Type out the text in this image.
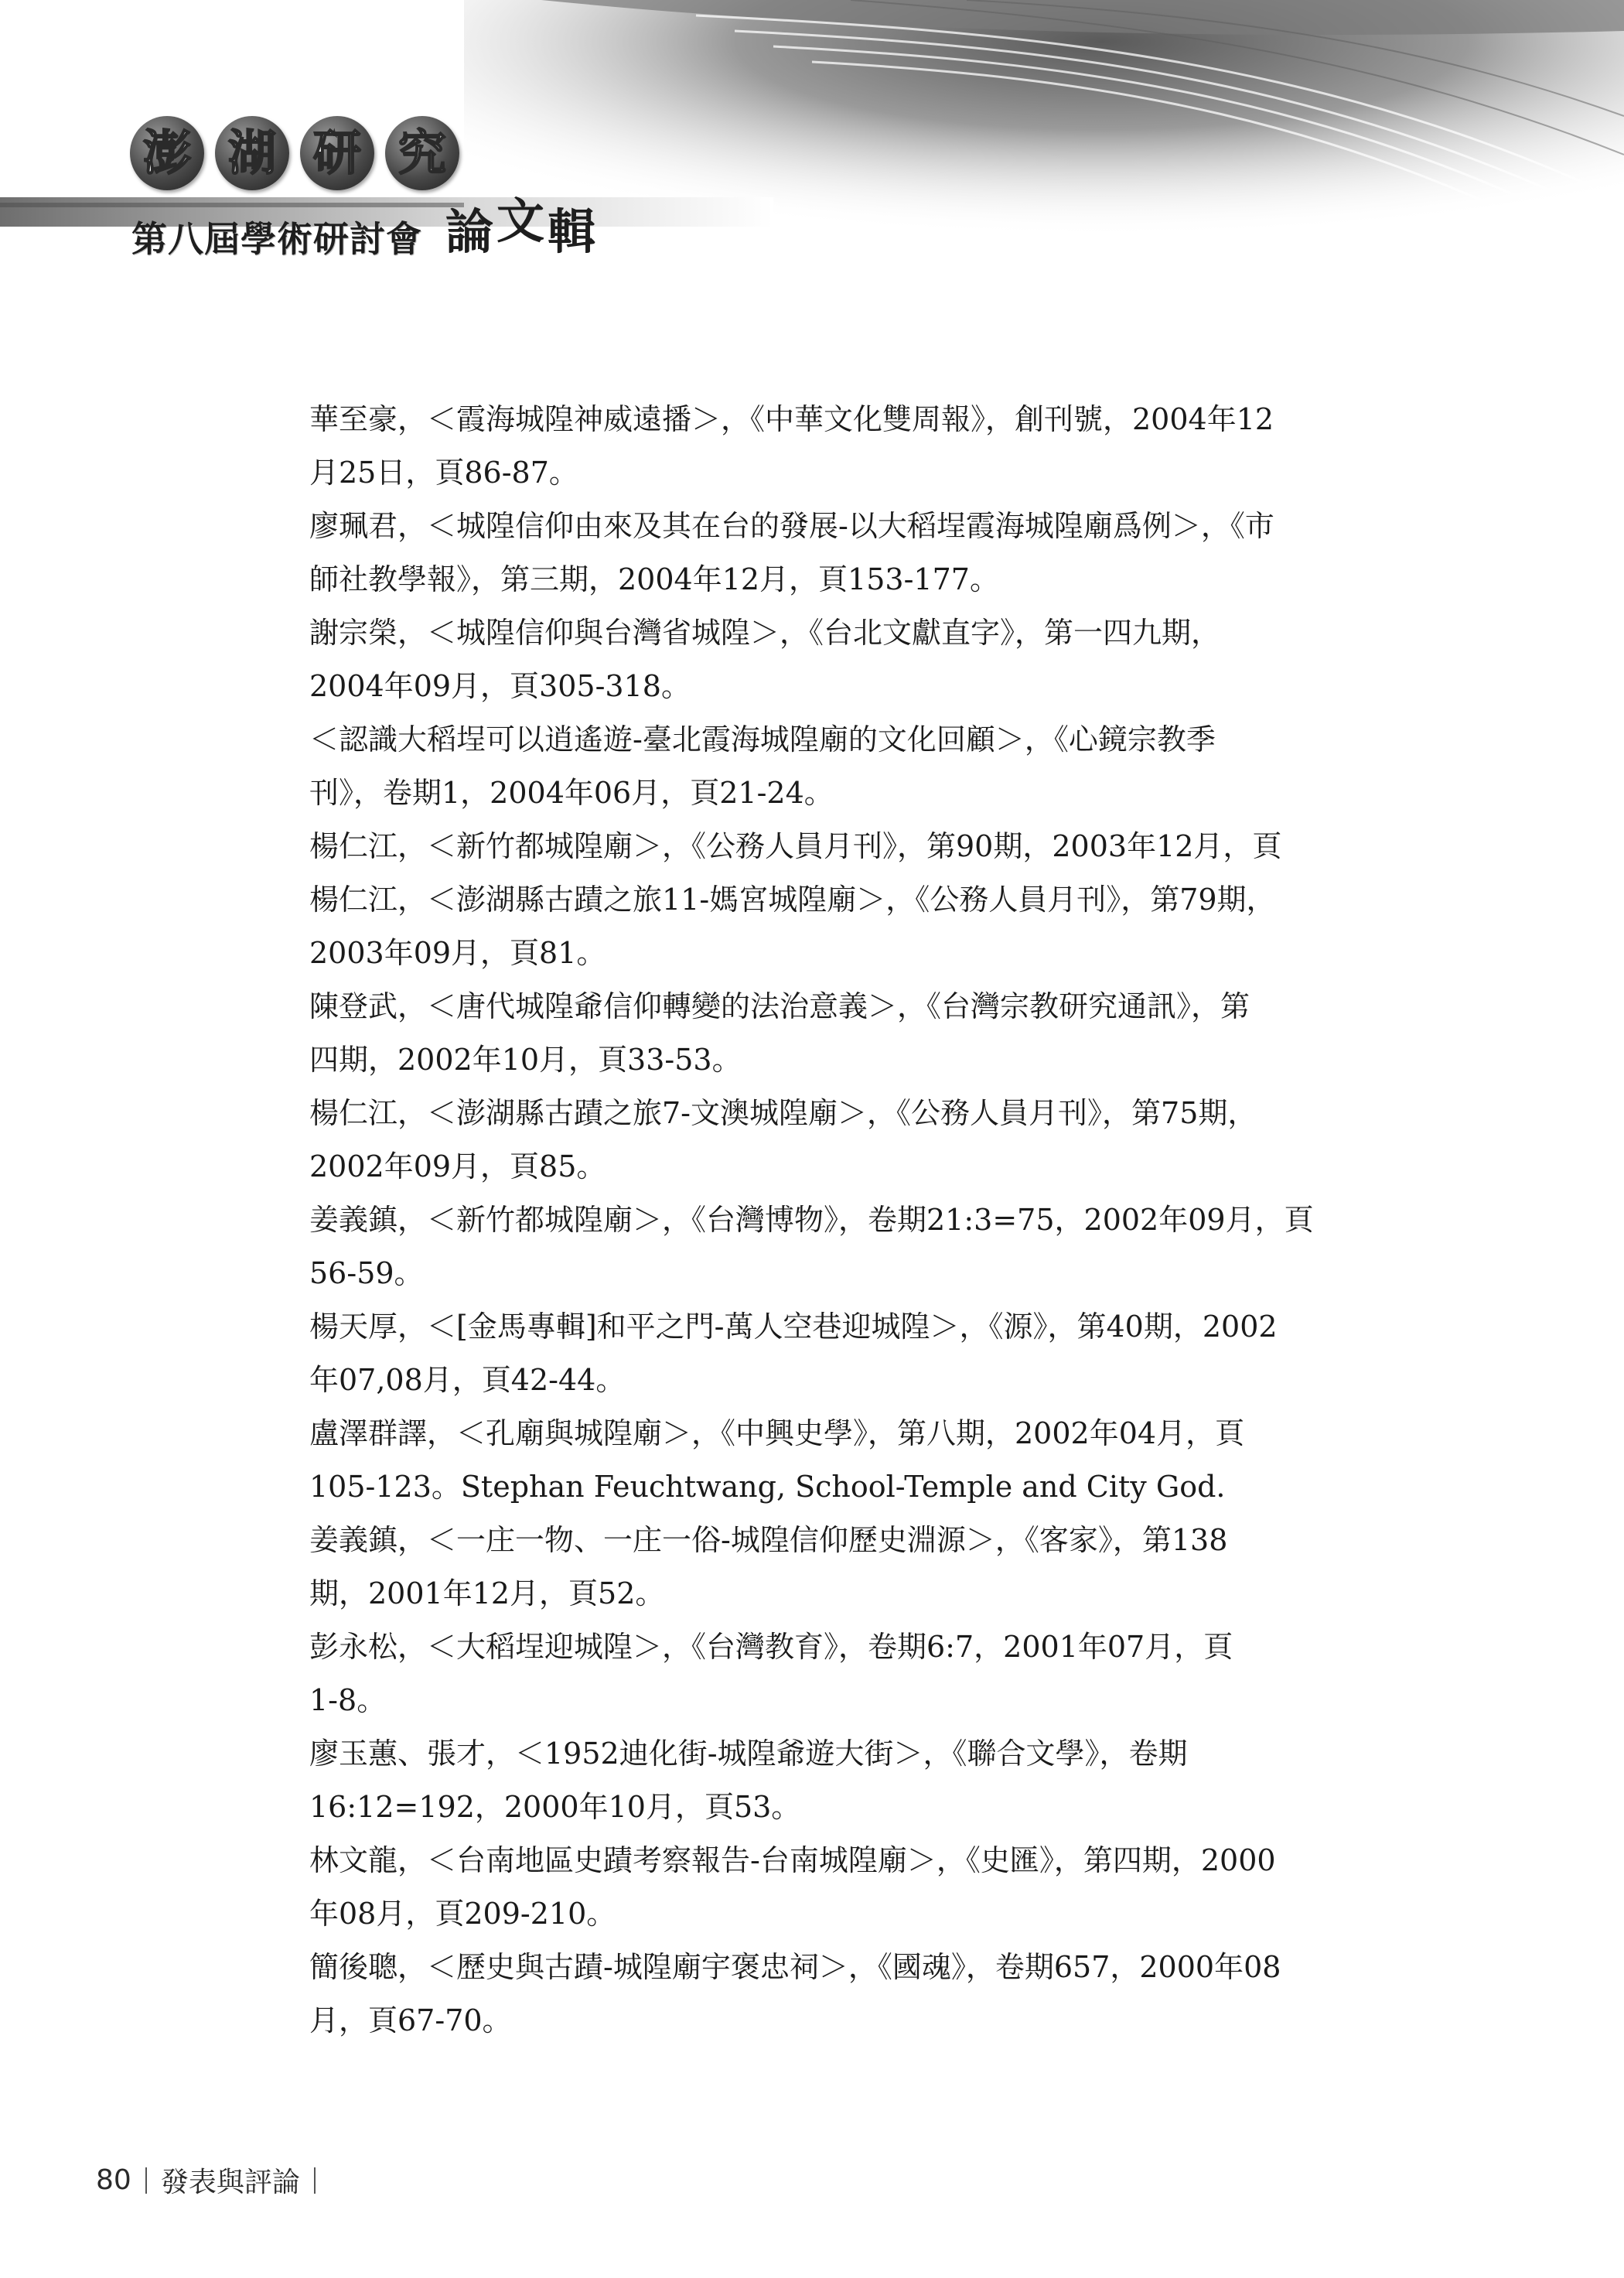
澎 湖 研 究
第八屆學術研討會 論文輯
華至豪，＜霞海城隍神威遠播＞，《中華文化雙周報》，創刊號，2004年12
月25日，頁86-87。
廖珮君，＜城隍信仰由來及其在台的發展-以大稻埕霞海城隍廟爲例＞，《市
師社教學報》，第三期，2004年12月，頁153-177。
謝宗榮，＜城隍信仰與台灣省城隍＞，《台北文獻直字》，第一四九期，
2004年09月，頁305-318。
＜認識大稻埕可以逍遙遊-臺北霞海城隍廟的文化回顧＞，《心鏡宗教季
刊》，卷期1，2004年06月，頁21-24。
楊仁江，＜新竹都城隍廟＞，《公務人員月刊》，第90期，2003年12月，頁
楊仁江，＜澎湖縣古蹟之旅11-媽宮城隍廟＞，《公務人員月刊》，第79期，
2003年09月，頁81。
陳登武，＜唐代城隍爺信仰轉變的法治意義＞，《台灣宗教研究通訊》，第
四期，2002年10月，頁33-53。
楊仁江，＜澎湖縣古蹟之旅7-文澳城隍廟＞，《公務人員月刊》，第75期，
2002年09月，頁85。
姜義鎮，＜新竹都城隍廟＞，《台灣博物》，卷期21:3=75，2002年09月，頁
56-59。
楊天厚，＜[金馬專輯]和平之門-萬人空巷迎城隍＞，《源》，第40期，2002
年07,08月，頁42-44。
盧澤群譯，＜孔廟與城隍廟＞，《中興史學》，第八期，2002年04月，頁
105-123。Stephan Feuchtwang, School-Temple and City God.
姜義鎮，＜一庄一物、一庄一俗-城隍信仰歷史淵源＞，《客家》，第138
期，2001年12月，頁52。
彭永松，＜大稻埕迎城隍＞，《台灣教育》，卷期6:7，2001年07月，頁
1-8。
廖玉蕙、張才，＜1952迪化街-城隍爺遊大街＞，《聯合文學》，卷期
16:12=192，2000年10月，頁53。
林文龍，＜台南地區史蹟考察報告-台南城隍廟＞，《史匯》，第四期，2000
年08月，頁209-210。
簡後聰，＜歷史與古蹟-城隍廟宇褒忠祠＞，《國魂》，卷期657，2000年08
月，頁67-70。
80 發表與評論
